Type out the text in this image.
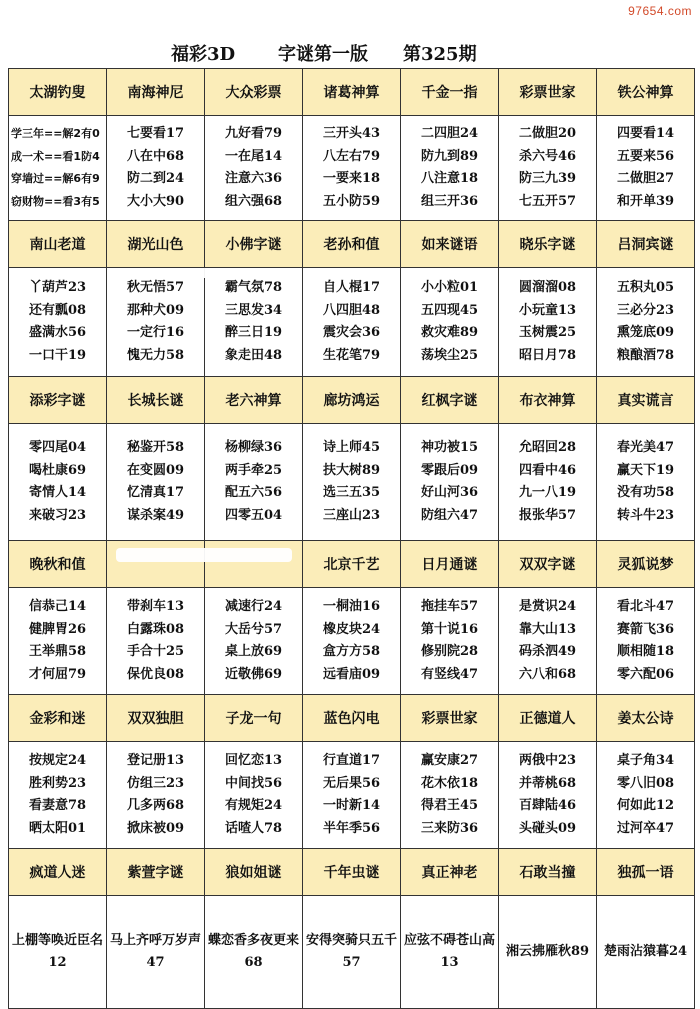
97654.com
福彩3D 字谜第一版 第325期
太湖钓叟	南海神尼	大众彩票	诸葛神算	千金一指	彩票世家	铁公神算

学三年==解2有0
成一术==看1防4
穿墙过==解6有9
窃财物==看3有5	七要看17
八在中68
防二到24
大小大90	九好看79
一在尾14
注意六36
组六强68	三开头43
八左右79
一要来18
五小防59	二四胆24
防九到89
八注意18
组三开36	二做胆20
杀六号46
防三九39
七五开57	四要看14
五要来56
二做胆27
和开单39

南山老道	湖光山色	小佛字谜	老孙和值	如来谜语	晓乐字谜	吕洞宾谜

丫葫芦23
还有瓢08
盛满水56
一口干19	秋无悟57
那种犬09
一定行16
愧无力58	霸气氛78
三思发34
醉三日19
象走田48	自人棍17
八四胆48
震灾会36
生花笔79	小小粒01
五四现45
救灾难89
荡埃尘25	圆溜溜08
小玩童13
玉树震25
昭日月78	五积丸05
三必分23
熏笼底09
粮酿酒78

添彩字谜	长城长谜	老六神算	廊坊鸿运	红枫字谜	布衣神算	真实谎言

零四尾04
喝杜康69
寄情人14
来破习23	秘鉴开58
在变圆09
忆清真17
谋杀案49	杨柳绿36
两手牵25
配五六56
四零五04	诗上师45
扶大树89
选三五35
三座山23	神功被15
零跟后09
好山河36
防组六47	允昭回28
四看中46
九一八19
报张华57	春光美47
赢天下19
没有功58
转斗牛23

晚秋和值			北京千艺	日月通谜	双双字谜	灵狐说梦

信恭己14
健脾胃26
王举鼎58
才何屈79	带刹车13
白露珠08
手合十25
保优良08	减速行24
大岳兮57
桌上放69
近敬佛69	一桐油16
橡皮块24
盒方方58
远看庙09	拖挂车57
第十说16
修别院28
有竖线47	是赏识24
靠大山13
码杀泗49
六八和68	看北斗47
赛箭飞36
顺相随18
零六配06

金彩和迷	双双独胆	子龙一句	蓝色闪电	彩票世家	正德道人	姜太公诗

按规定24
胜利势23
看妻意78
晒太阳01	登记册13
仿组三23
几多两68
掀床被09	回忆恋13
中间找56
有规矩24
话喳人78	行直道17
无后果56
一时新14
半年季56	赢安康27
花木依18
得君王45
三来防36	两俄中23
并蒂桃68
百肆陆46
头碰头09	桌子角34
零八旧08
何如此12
过河卒47

疯道人迷	紫萱字谜	狼如姐谜	千年虫谜	真正神老	石敢当撞	独孤一语

上棚等唤近臣名12	马上齐呼万岁声47	蝶恋香多夜更来68	安得突骑只五千57	应弦不碍苍山高13	湘云拂雁秋89	楚雨沾猿暮24
